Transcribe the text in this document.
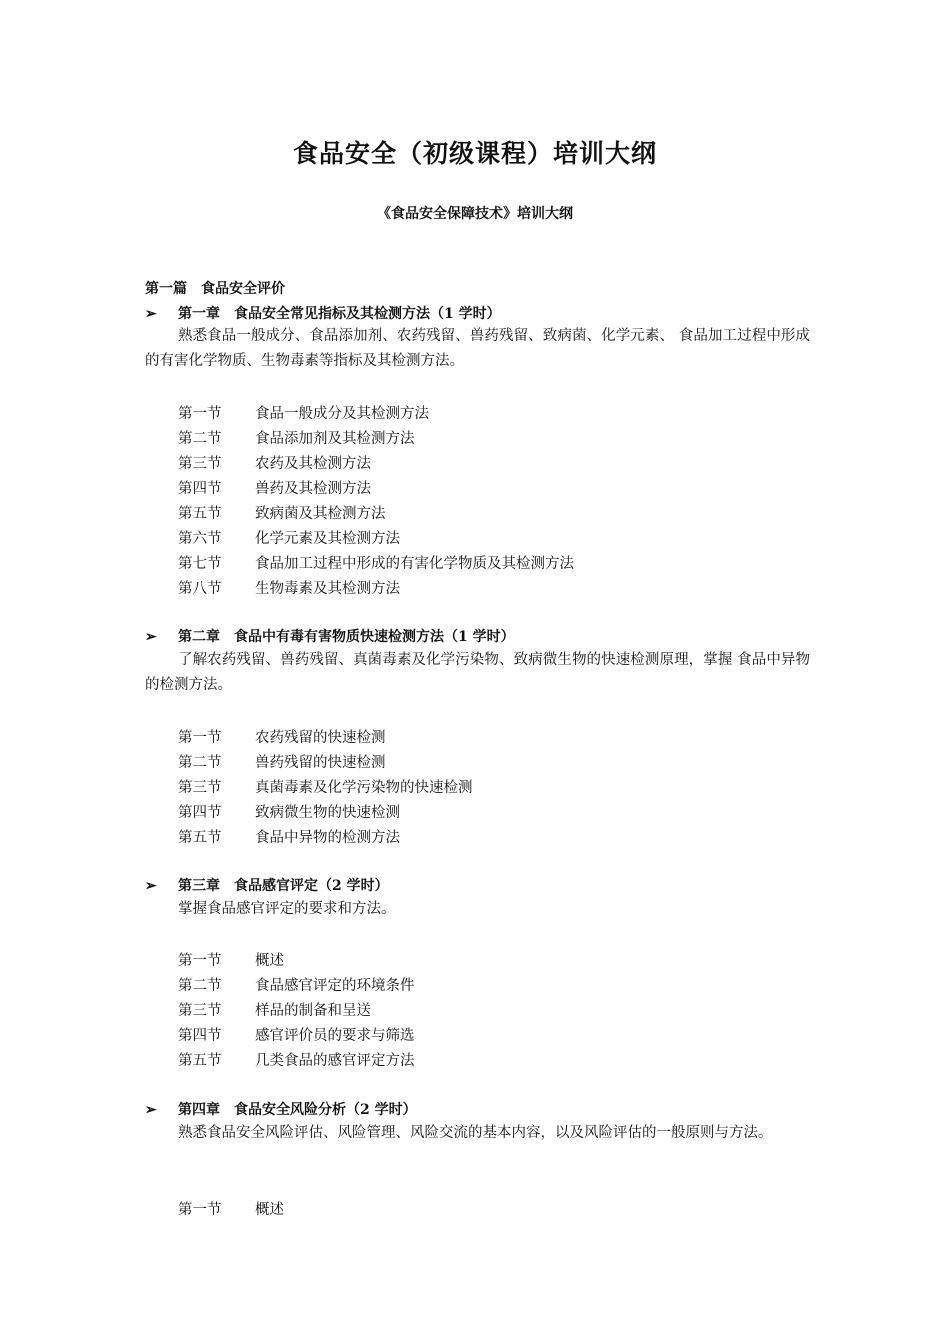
食品安全（初级课程）培训大纲
《食品安全保障技术》培训大纲
第一篇 食品安全评价
➢ 第一章 食品安全常见指标及其检测方法（1 学时）
熟悉食品一般成分、食品添加剂、农药残留、兽药残留、致病菌、化学元素、 食品加工过程中形成的有害化学物质、生物毒素等指标及其检测方法。
第一节 食品一般成分及其检测方法
第二节 食品添加剂及其检测方法
第三节 农药及其检测方法
第四节 兽药及其检测方法
第五节 致病菌及其检测方法
第六节 化学元素及其检测方法
第七节 食品加工过程中形成的有害化学物质及其检测方法
第八节 生物毒素及其检测方法
➢ 第二章 食品中有毒有害物质快速检测方法（1 学时）
了解农药残留、兽药残留、真菌毒素及化学污染物、致病微生物的快速检测原理，掌握 食品中异物的检测方法。
第一节 农药残留的快速检测
第二节 兽药残留的快速检测
第三节 真菌毒素及化学污染物的快速检测
第四节 致病微生物的快速检测
第五节 食品中异物的检测方法
➢ 第三章 食品感官评定（2 学时）
掌握食品感官评定的要求和方法。
第一节 概述
第二节 食品感官评定的环境条件
第三节 样品的制备和呈送
第四节 感官评价员的要求与筛选
第五节 几类食品的感官评定方法
➢ 第四章 食品安全风险分析（2 学时）
熟悉食品安全风险评估、风险管理、风险交流的基本内容，以及风险评估的一般原则与方法。
第一节 概述
